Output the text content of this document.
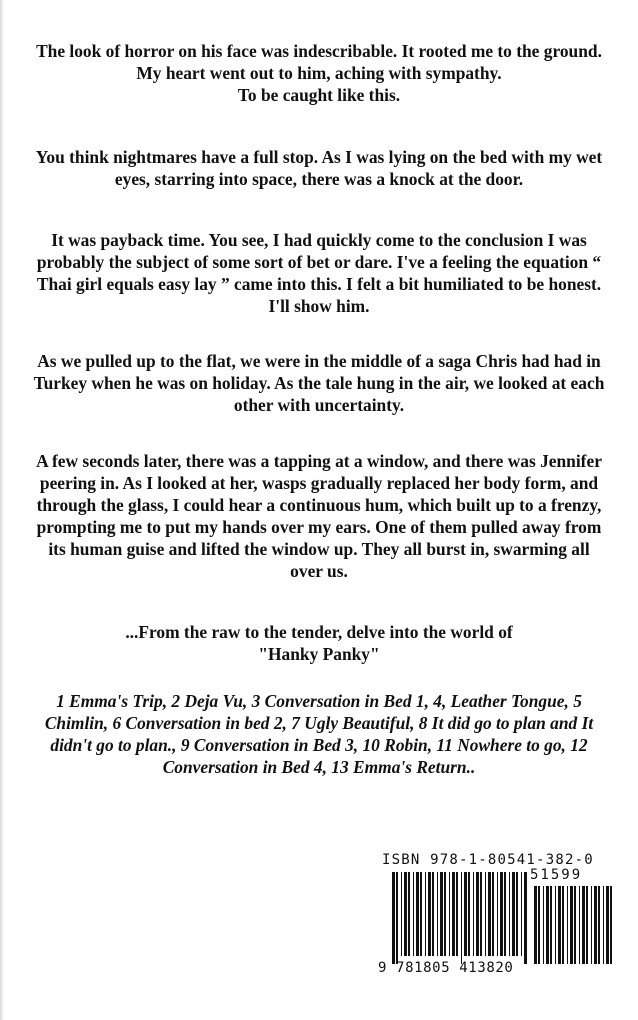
The look of horror on his face was indescribable. It rooted me to the ground. My heart went out to him, aching with sympathy.
To be caught like this.

You think nightmares have a full stop. As I was lying on the bed with my wet eyes, starring into space, there was a knock at the door.

It was payback time. You see, I had quickly come to the conclusion I was probably the subject of some sort of bet or dare. I've a feeling the equation “ Thai girl equals easy lay ” came into this. I felt a bit humiliated to be honest. I'll show him.

As we pulled up to the flat, we were in the middle of a saga Chris had had in Turkey when he was on holiday. As the tale hung in the air, we looked at each other with uncertainty.

A few seconds later, there was a tapping at a window, and there was Jennifer peering in. As I looked at her, wasps gradually replaced her body form, and through the glass, I could hear a continuous hum, which built up to a frenzy, prompting me to put my hands over my ears. One of them pulled away from its human guise and lifted the window up. They all burst in, swarming all over us.

...From the raw to the tender, delve into the world of
"Hanky Panky"

1 Emma's Trip, 2 Deja Vu, 3 Conversation in Bed 1, 4, Leather Tongue, 5 Chimlin, 6 Conversation in bed 2, 7 Ugly Beautiful, 8 It did go to plan and It didn't go to plan., 9 Conversation in Bed 3, 10 Robin, 11 Nowhere to go, 12 Conversation in Bed 4, 13 Emma's Return..

ISBN 978-1-80541-382-0
51599
9 781805 413820
